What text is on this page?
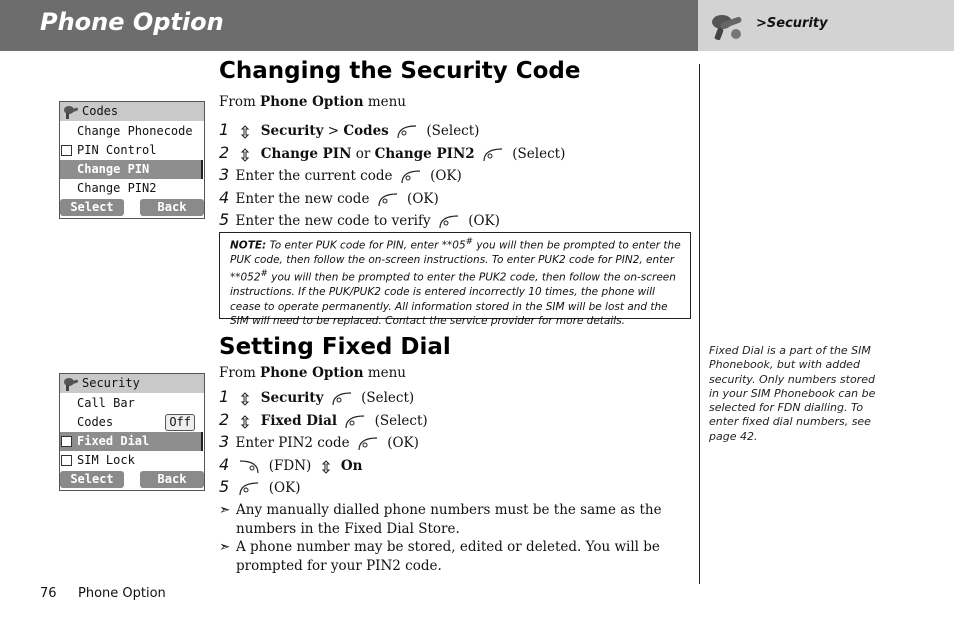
Phone Option	>Security
Changing the Security Code
From Phone Option menu
1 Security > Codes	(Select)
2 Change PIN or Change PIN2	(Select)
3 Enter the current code	(OK)
4 Enter the new code	(OK)
5 Enter the new code to verify	(OK)
NOTE: To enter PUK code for PIN, enter **05# you will then be prompted to enter the PUK code, then follow the on-screen instructions. To enter PUK2 code for PIN2, enter **052# you will then be prompted to enter the PUK2 code, then follow the on-screen instructions. If the PUK/PUK2 code is entered incorrectly 10 times, the phone will cease to operate permanently. All information stored in the SIM will be lost and the SIM will need to be replaced. Contact the service provider for more details.
Setting Fixed Dial
From Phone Option menu
1 Security	(Select)
2 Fixed Dial	(Select)
3 Enter PIN2 code	(OK)
4	(FDN) On
5	(OK)
➣ Any manually dialled phone numbers must be the same as the numbers in the Fixed Dial Store.
➣ A phone number may be stored, edited or deleted. You will be prompted for your PIN2 code.
Fixed Dial is a part of the SIM Phonebook, but with added security. Only numbers stored in your SIM Phonebook can be selected for FDN dialling. To enter fixed dial numbers, see page 42.
Codes
Change Phonecode
PIN Control
Change PIN
Change PIN2
Select	Back
Security
Call Bar
Codes	Off
Fixed Dial
SIM Lock
Select	Back
76 Phone Option
